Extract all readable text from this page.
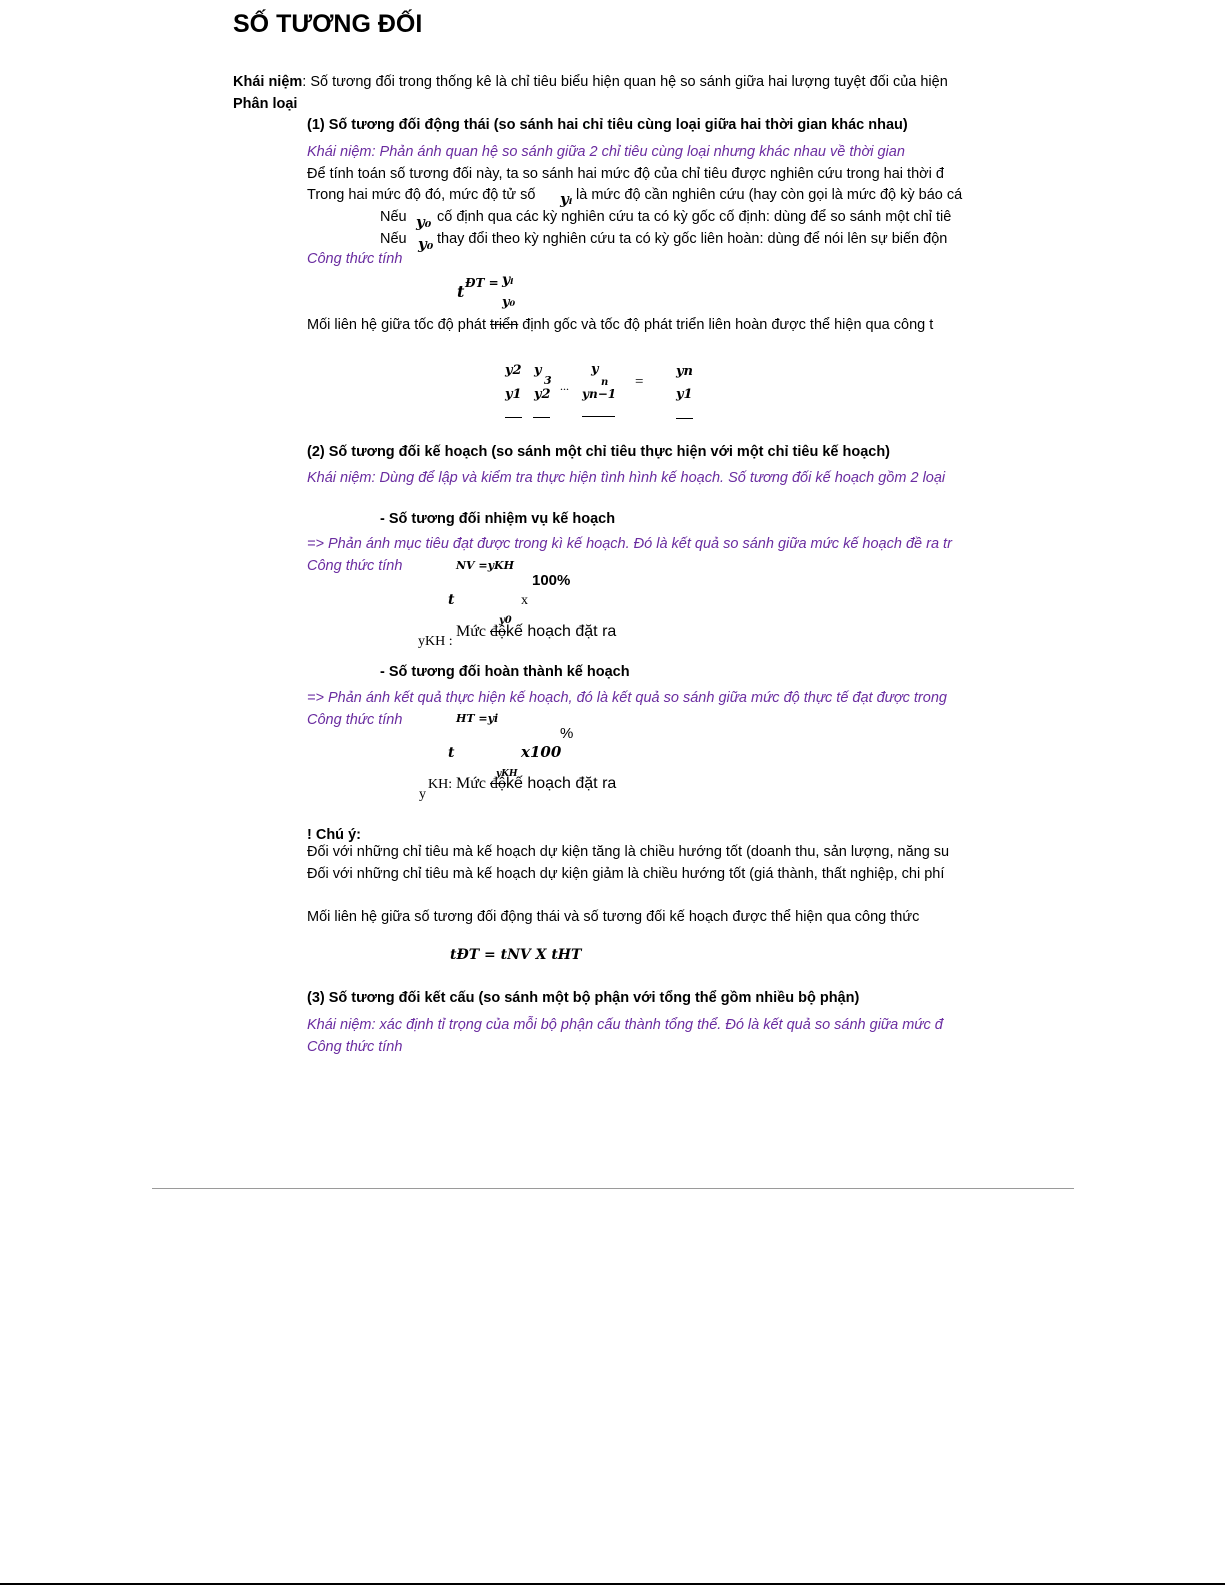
SỐ TƯƠNG ĐỐI
Khái niệm: Số tương đối trong thống kê là chỉ tiêu biểu hiện quan hệ so sánh giữa hai lượng tuyệt đối của hiện
Phân loại
(1) Số tương đối động thái (so sánh hai chỉ tiêu cùng loại giữa hai thời gian khác nhau)
Khái niệm: Phản ánh quan hệ so sánh giữa 2 chỉ tiêu cùng loại nhưng khác nhau về thời gian
Để tính toán số tương đối này, ta so sánh hai mức độ của chỉ tiêu được nghiên cứu trong hai thời đ
Trong hai mức độ đó, mức độ tử số yᵢ là mức độ cần nghiên cứu (hay còn gọi là mức độ kỳ báo cá
Nếu y₀ cố định qua các kỳ nghiên cứu ta có kỳ gốc cố định: dùng để so sánh một chỉ tiê
Nếu y₀ thay đổi theo kỳ nghiên cứu ta có kỳ gốc liên hoàn: dùng để nói lên sự biến độn
Công thức tính
t ĐT = yᵢ
y₀
Mối liên hệ giữa tốc độ phát triển định gốc và tốc độ phát triển liên hoàn được thể hiện qua công t
y2 y
3
y
n
yn
...	=
y1 y2	yn−1	y1
(2) Số tương đối kế hoạch (so sánh một chỉ tiêu thực hiện với một chỉ tiêu kế hoạch)
Khái niệm: Dùng để lập và kiểm tra thực hiện tình hình kế hoạch. Số tương đối kế hoạch gồm 2 loại
- Số tương đối nhiệm vụ kế hoạch
=> Phản ánh mục tiêu đạt được trong kì kế hoạch. Đó là kết quả so sánh giữa mức kế hoạch đề ra tr
Công thức tính	NV =yKH
100%
t	x
y0
yKH :
Mức độkế hoạch đặt ra
- Số tương đối hoàn thành kế hoạch
=> Phản ánh kết quả thực hiện kế hoạch, đó là kết quả so sánh giữa mức độ thực tế đạt được trong
Công thức tính	HT =yi
%
t	x100
yKH
y
KH: Mức độkế hoạch đặt ra
! Chú ý:
Đối với những chỉ tiêu mà kế hoạch dự kiện tăng là chiều hướng tốt (doanh thu, sản lượng, năng su
Đối với những chỉ tiêu mà kế hoạch dự kiện giảm là chiều hướng tốt (giá thành, thất nghiệp, chi phí
Mối liên hệ giữa số tương đối động thái và số tương đối kế hoạch được thể hiện qua công thức
tĐT = tNV X tHT
(3) Số tương đối kết cấu (so sánh một bộ phận với tổng thể gồm nhiều bộ phận)
Khái niệm: xác định tỉ trọng của mỗi bộ phận cấu thành tổng thể. Đó là kết quả so sánh giữa mức đ
Công thức tính
